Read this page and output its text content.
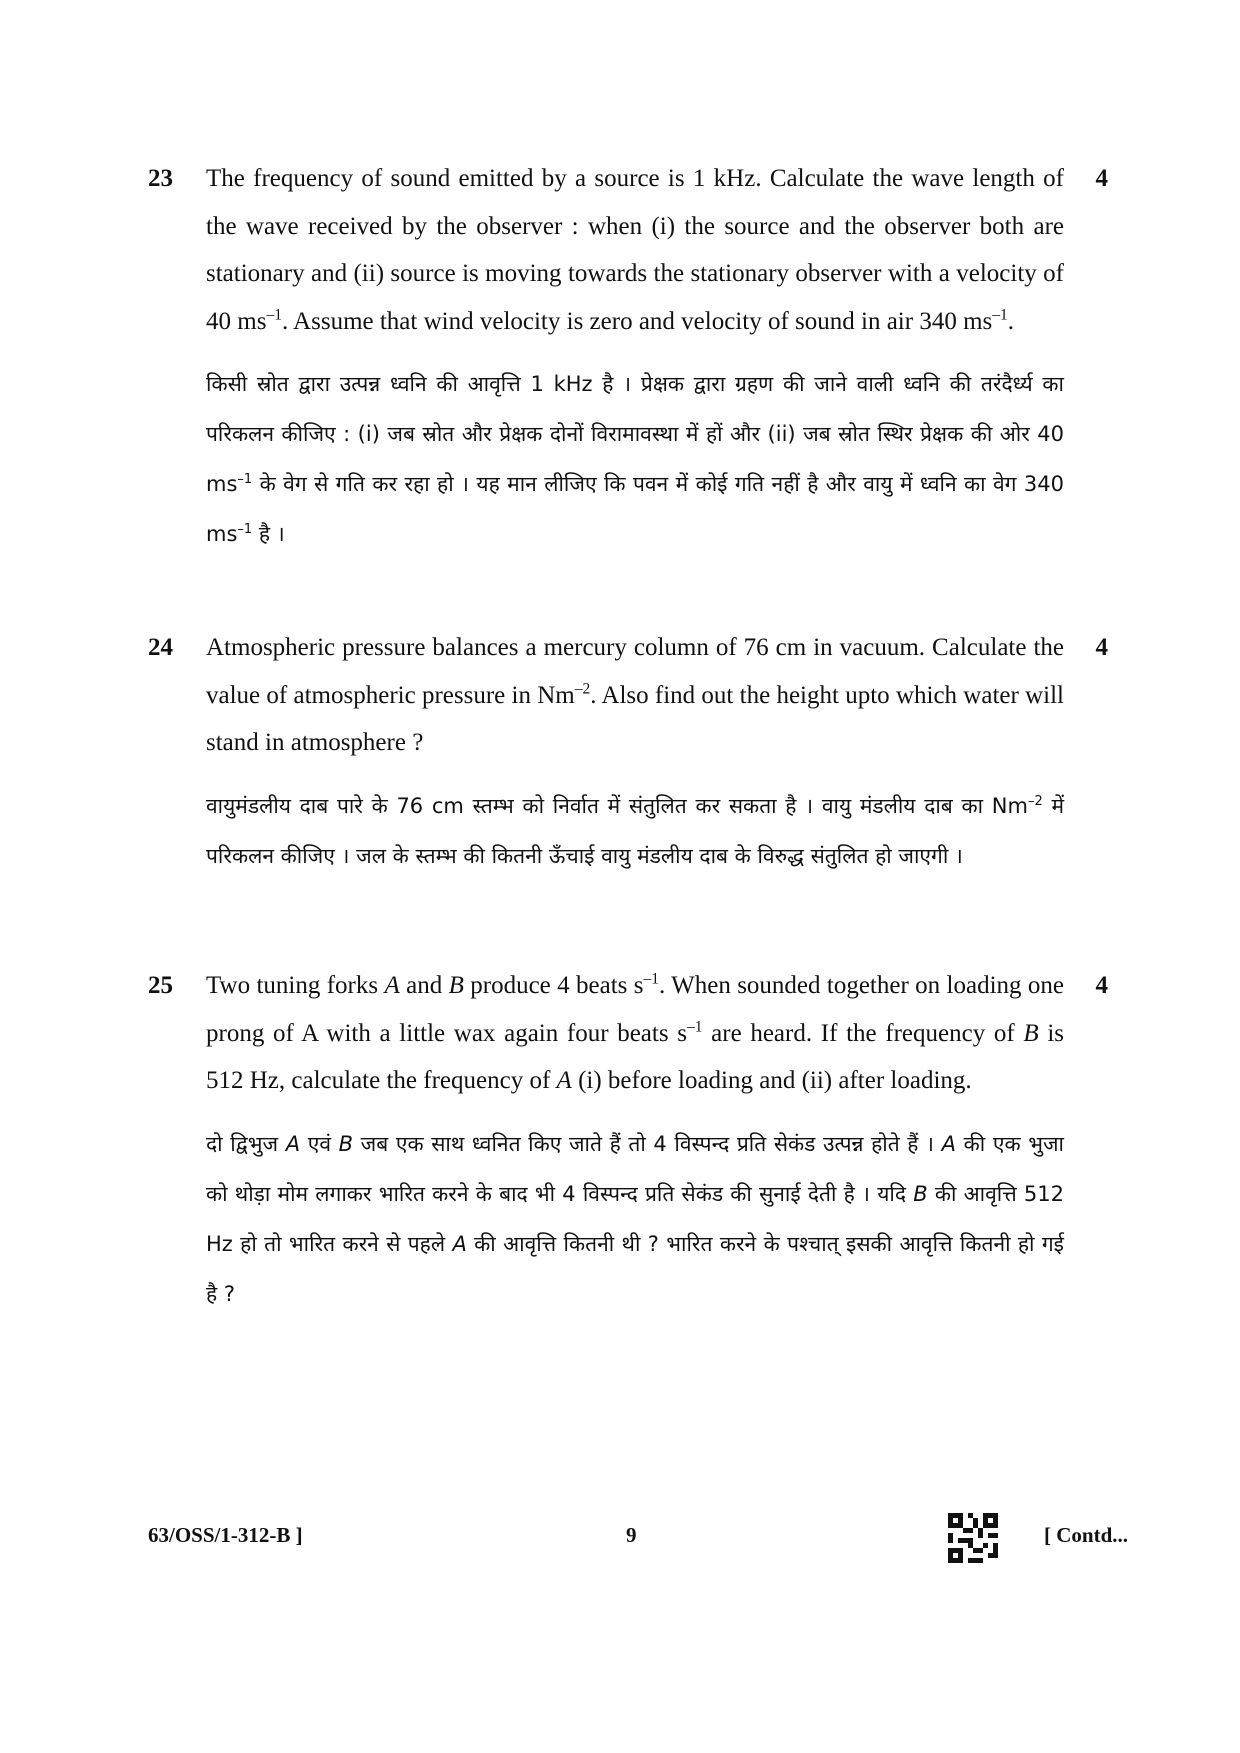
23	4
The frequency of sound emitted by a source is 1 kHz. Calculate the wave length of the wave received by the observer : when (i) the source and the observer both are stationary and (ii) source is moving towards the stationary observer with a velocity of 40 $ms^{-1}$. Assume that wind velocity is zero and velocity of sound in air 340 $ms^{-1}$.
किसी स्रोत द्वारा उत्पन्न ध्वनि की आवृत्ति 1 kHz है । प्रेक्षक द्वारा ग्रहण की जाने वाली ध्वनि की तरंदैर्ध्य का परिकलन कीजिए : (i) जब स्रोत और प्रेक्षक दोनों विरामावस्था में हों और (ii) जब स्रोत स्थिर प्रेक्षक की ओर 40 $ms^{-1}$ के वेग से गति कर रहा हो । यह मान लीजिए कि पवन में कोई गति नहीं है और वायु में ध्वनि का वेग 340 $ms^{-1}$ है ।
24	4
Atmospheric pressure balances a mercury column of 76 cm in vacuum. Calculate the value of atmospheric pressure in $Nm^{-2}$. Also find out the height upto which water will stand in atmosphere ?
वायुमंडलीय दाब पारे के 76 cm स्तम्भ को निर्वात में संतुलित कर सकता है । वायु मंडलीय दाब का $Nm^{-2}$ में परिकलन कीजिए । जल के स्तम्भ की कितनी ऊँचाई वायु मंडलीय दाब के विरुद्ध संतुलित हो जाएगी ।
25	4
Two tuning forks A and B produce 4 beats $s^{-1}$. When sounded together on loading one prong of A with a little wax again four beats $s^{-1}$ are heard. If the frequency of B is 512 Hz, calculate the frequency of A (i) before loading and (ii) after loading.
दो द्विभुज A एवं B जब एक साथ ध्वनित किए जाते हैं तो 4 विस्पन्द प्रति सेकंड उत्पन्न होते हैं । A की एक भुजा को थोड़ा मोम लगाकर भारित करने के बाद भी 4 विस्पन्द प्रति सेकंड की सुनाई देती है । यदि B की आवृत्ति 512 Hz हो तो भारित करने से पहले A की आवृत्ति कितनी थी ? भारित करने के पश्चात् इसकी आवृत्ति कितनी हो गई है ?
63/OSS/1-312-B ]	9	[ Contd...
